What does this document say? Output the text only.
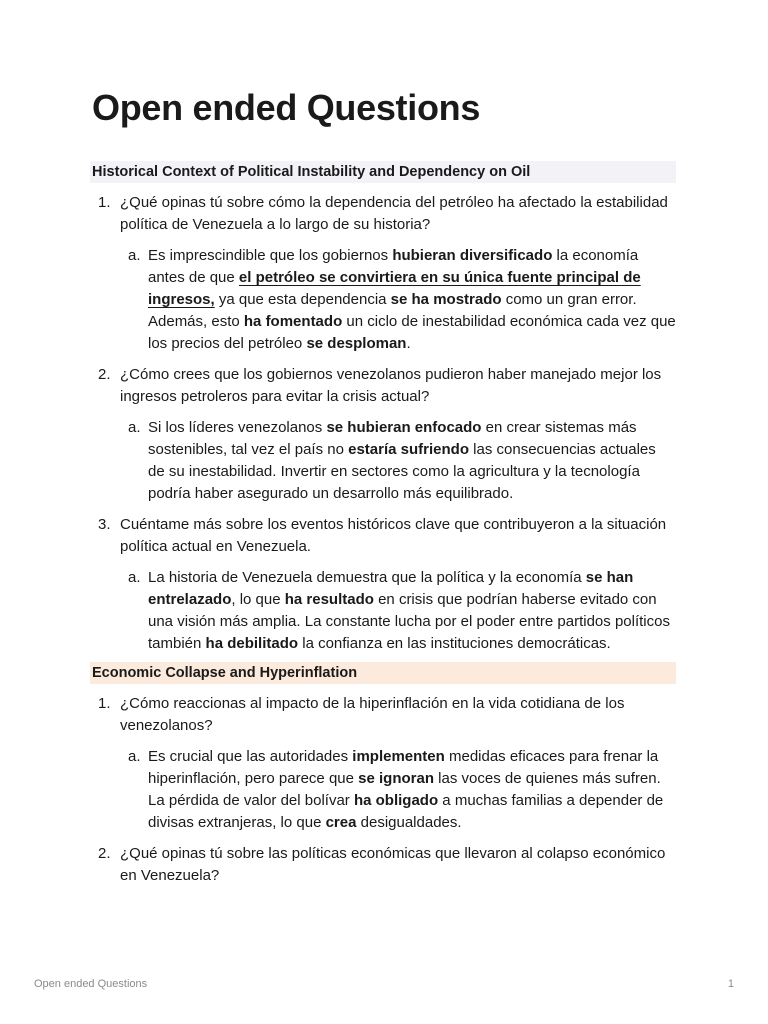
Open ended Questions
Historical Context of Political Instability and Dependency on Oil
1. ¿Qué opinas tú sobre cómo la dependencia del petróleo ha afectado la estabilidad política de Venezuela a lo largo de su historia?
a. Es imprescindible que los gobiernos hubieran diversificado la economía antes de que el petróleo se convirtiera en su única fuente principal de ingresos, ya que esta dependencia se ha mostrado como un gran error. Además, esto ha fomentado un ciclo de inestabilidad económica cada vez que los precios del petróleo se desploman.
2. ¿Cómo crees que los gobiernos venezolanos pudieron haber manejado mejor los ingresos petroleros para evitar la crisis actual?
a. Si los líderes venezolanos se hubieran enfocado en crear sistemas más sostenibles, tal vez el país no estaría sufriendo las consecuencias actuales de su inestabilidad. Invertir en sectores como la agricultura y la tecnología podría haber asegurado un desarrollo más equilibrado.
3. Cuéntame más sobre los eventos históricos clave que contribuyeron a la situación política actual en Venezuela.
a. La historia de Venezuela demuestra que la política y la economía se han entrelazado, lo que ha resultado en crisis que podrían haberse evitado con una visión más amplia. La constante lucha por el poder entre partidos políticos también ha debilitado la confianza en las instituciones democráticas.
Economic Collapse and Hyperinflation
1. ¿Cómo reaccionas al impacto de la hiperinflación en la vida cotidiana de los venezolanos?
a. Es crucial que las autoridades implementen medidas eficaces para frenar la hiperinflación, pero parece que se ignoran las voces de quienes más sufren. La pérdida de valor del bolívar ha obligado a muchas familias a depender de divisas extranjeras, lo que crea desigualdades.
2. ¿Qué opinas tú sobre las políticas económicas que llevaron al colapso económico en Venezuela?
Open ended Questions	1
